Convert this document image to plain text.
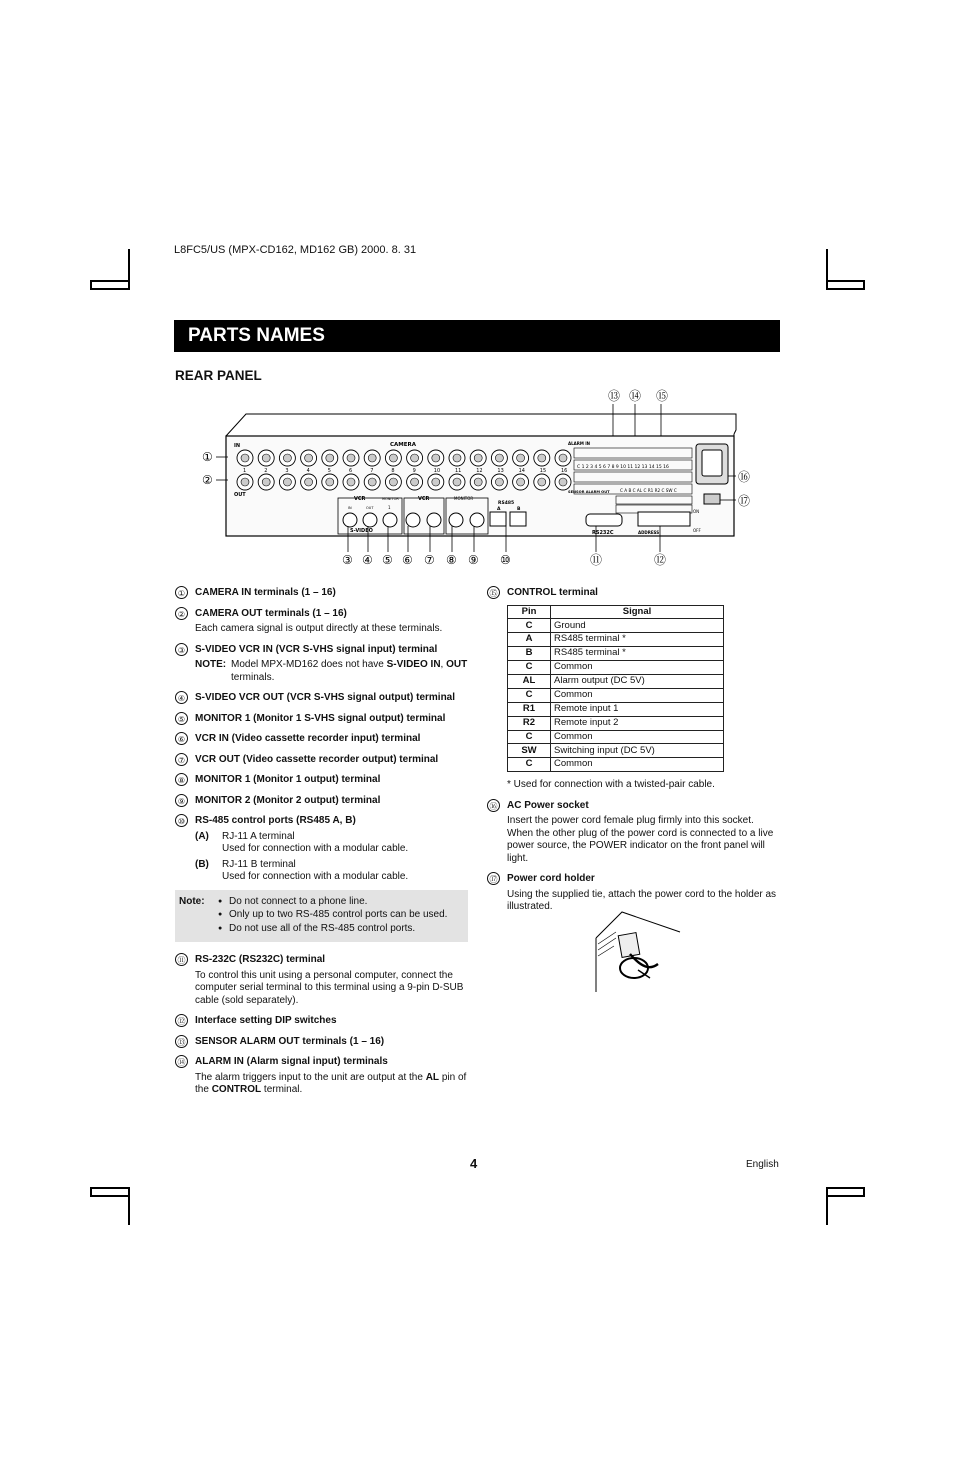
L8FC5/US (MPX-CD162, MD162 GB) 2000. 8. 31
PARTS NAMES
REAR PANEL
⑬ ⑭ ⑮
①
②
IN	CAMERA
OUT
ALARM IN
1	2	3	4	5	6	7	8	9	10	11	12	13	14	15	16
C 1 2 3 4 5 6 7 8 9 10 11 12 13 14 15 16
SENSOR ALARM OUT C A B C AL C R1 R2 C SW C
⑯
⑰
VCR	MONITOR
IN	OUT	1
S-VIDEO
VCR	MONITOR
RS485
A	B
RS232C	ADDRESS
ON
OFF
③ ④ ⑤ ⑥ ⑦ ⑧ ⑨ ⑩	⑪	⑫
① CAMERA IN terminals (1 – 16)
② CAMERA OUT terminals (1 – 16)
Each camera signal is output directly at these terminals.
③ S-VIDEO VCR IN (VCR S-VHS signal input) terminal
NOTE: Model MPX-MD162 does not have S-VIDEO IN, OUT terminals.
④ S-VIDEO VCR OUT (VCR S-VHS signal output) terminal
⑤ MONITOR 1 (Monitor 1 S-VHS signal output) terminal
⑥ VCR IN (Video cassette recorder input) terminal
⑦ VCR OUT (Video cassette recorder output) terminal
⑧ MONITOR 1 (Monitor 1 output) terminal
⑨ MONITOR 2 (Monitor 2 output) terminal
⑩ RS-485 control ports (RS485 A, B)
(A)	RJ-11 A terminal
Used for connection with a modular cable.
(B)	RJ-11 B terminal
Used for connection with a modular cable.
Note:	● Do not connect to a phone line.
● Only up to two RS-485 control ports can be used.
● Do not use all of the RS-485 control ports.
⑪ RS-232C (RS232C) terminal
To control this unit using a personal computer, connect the computer serial terminal to this terminal using a 9-pin D-SUB cable (sold separately).
⑫ Interface setting DIP switches
⑬ SENSOR ALARM OUT terminals (1 – 16)
⑭ ALARM IN (Alarm signal input) terminals
The alarm triggers input to the unit are output at the AL pin of the CONTROL terminal.
⑮ CONTROL terminal
Pin	Signal
C	Ground
A	RS485 terminal *
B	RS485 terminal *
C	Common
AL	Alarm output (DC 5V)
C	Common
R1	Remote input 1
R2	Remote input 2
C	Common
SW	Switching input (DC 5V)
C	Common
* Used for connection with a twisted-pair cable.
⑯ AC Power socket
Insert the power cord female plug firmly into this socket. When the other plug of the power cord is connected to a live power source, the POWER indicator on the front panel will light.
⑰ Power cord holder
Using the supplied tie, attach the power cord to the holder as illustrated.
4	English
